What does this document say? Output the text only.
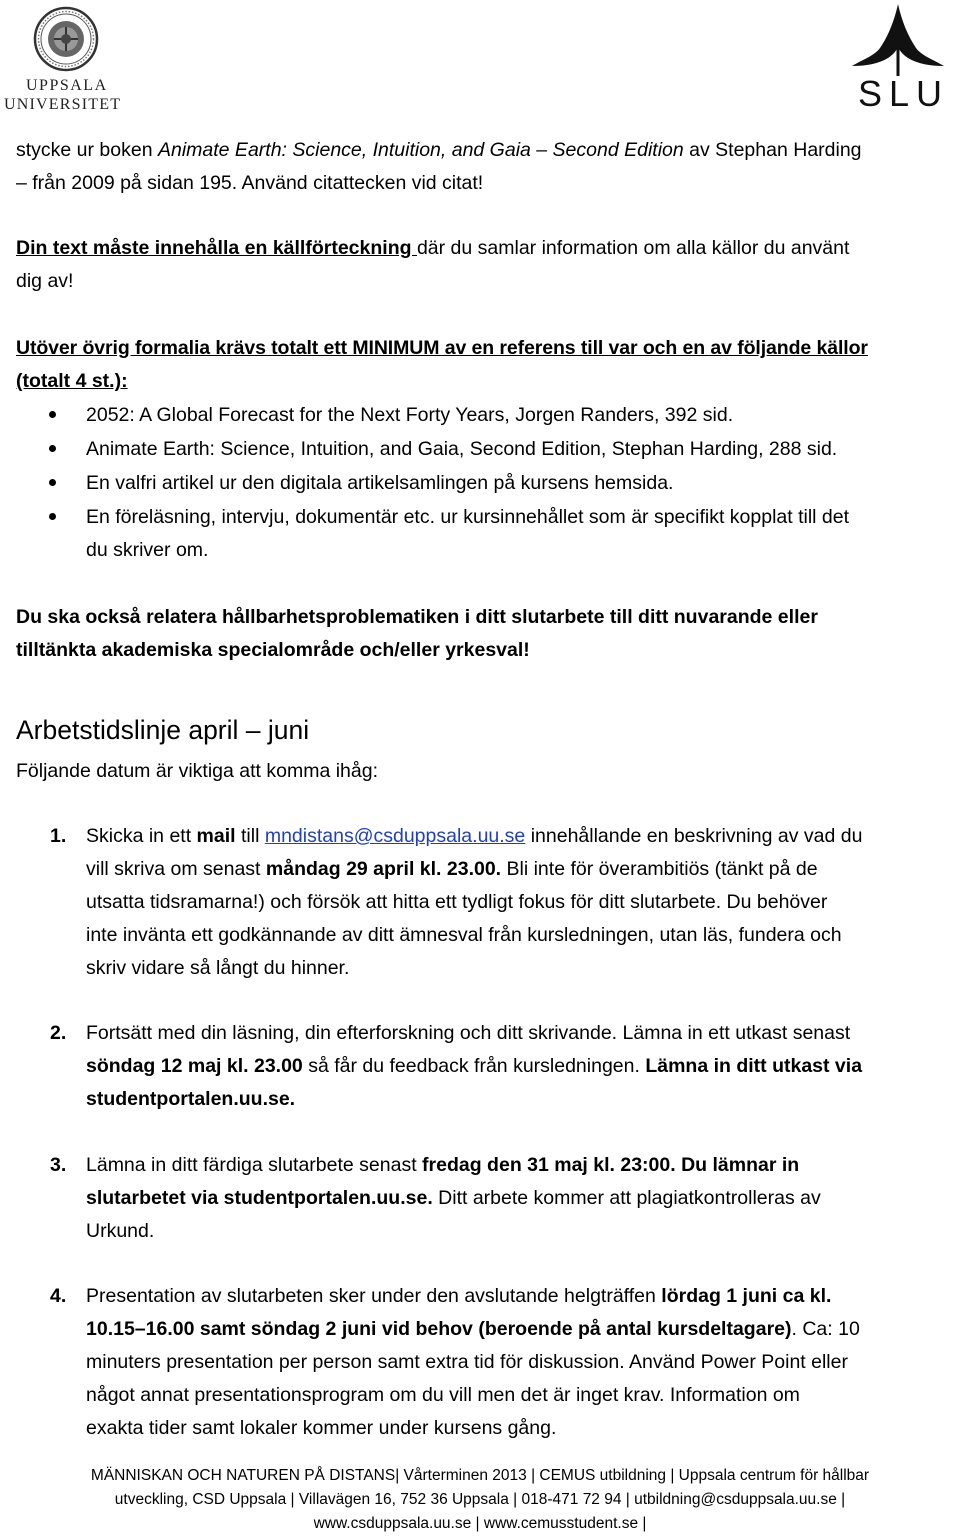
UPPSALA
UNIVERSITET	SLU
stycke ur boken Animate Earth: Science, Intuition, and Gaia – Second Edition av Stephan Harding
– från 2009 på sidan 195. Använd citattecken vid citat!
Din text måste innehålla en källförteckning där du samlar information om alla källor du använt
dig av!
Utöver övrig formalia krävs totalt ett MINIMUM av en referens till var och en av följande källor
(totalt 4 st.):
2052: A Global Forecast for the Next Forty Years, Jorgen Randers, 392 sid.
Animate Earth: Science, Intuition, and Gaia, Second Edition, Stephan Harding, 288 sid.
En valfri artikel ur den digitala artikelsamlingen på kursens hemsida.
En föreläsning, intervju, dokumentär etc. ur kursinnehållet som är specifikt kopplat till det
du skriver om.
Du ska också relatera hållbarhetsproblematiken i ditt slutarbete till ditt nuvarande eller
tilltänkta akademiska specialområde och/eller yrkesval!
Arbetstidslinje april – juni
Följande datum är viktiga att komma ihåg:
1. Skicka in ett mail till mndistans@csduppsala.uu.se innehållande en beskrivning av vad du
vill skriva om senast måndag 29 april kl. 23.00. Bli inte för överambitiös (tänkt på de
utsatta tidsramarna!) och försök att hitta ett tydligt fokus för ditt slutarbete. Du behöver
inte invänta ett godkännande av ditt ämnesval från kursledningen, utan läs, fundera och
skriv vidare så långt du hinner.
2. Fortsätt med din läsning, din efterforskning och ditt skrivande. Lämna in ett utkast senast
söndag 12 maj kl. 23.00 så får du feedback från kursledningen. Lämna in ditt utkast via
studentportalen.uu.se.
3. Lämna in ditt färdiga slutarbete senast fredag den 31 maj kl. 23:00. Du lämnar in
slutarbetet via studentportalen.uu.se. Ditt arbete kommer att plagiatkontrolleras av
Urkund.
4. Presentation av slutarbeten sker under den avslutande helgträffen lördag 1 juni ca kl.
10.15–16.00 samt söndag 2 juni vid behov (beroende på antal kursdeltagare). Ca: 10
minuters presentation per person samt extra tid för diskussion. Använd Power Point eller
något annat presentationsprogram om du vill men det är inget krav. Information om
exakta tider samt lokaler kommer under kursens gång.
MÄNNISKAN OCH NATUREN PÅ DISTANS| Vårterminen 2013 | CEMUS utbildning | Uppsala centrum för hållbar
utveckling, CSD Uppsala | Villavägen 16, 752 36 Uppsala | 018-471 72 94 | utbildning@csduppsala.uu.se |
www.csduppsala.uu.se | www.cemusstudent.se |
